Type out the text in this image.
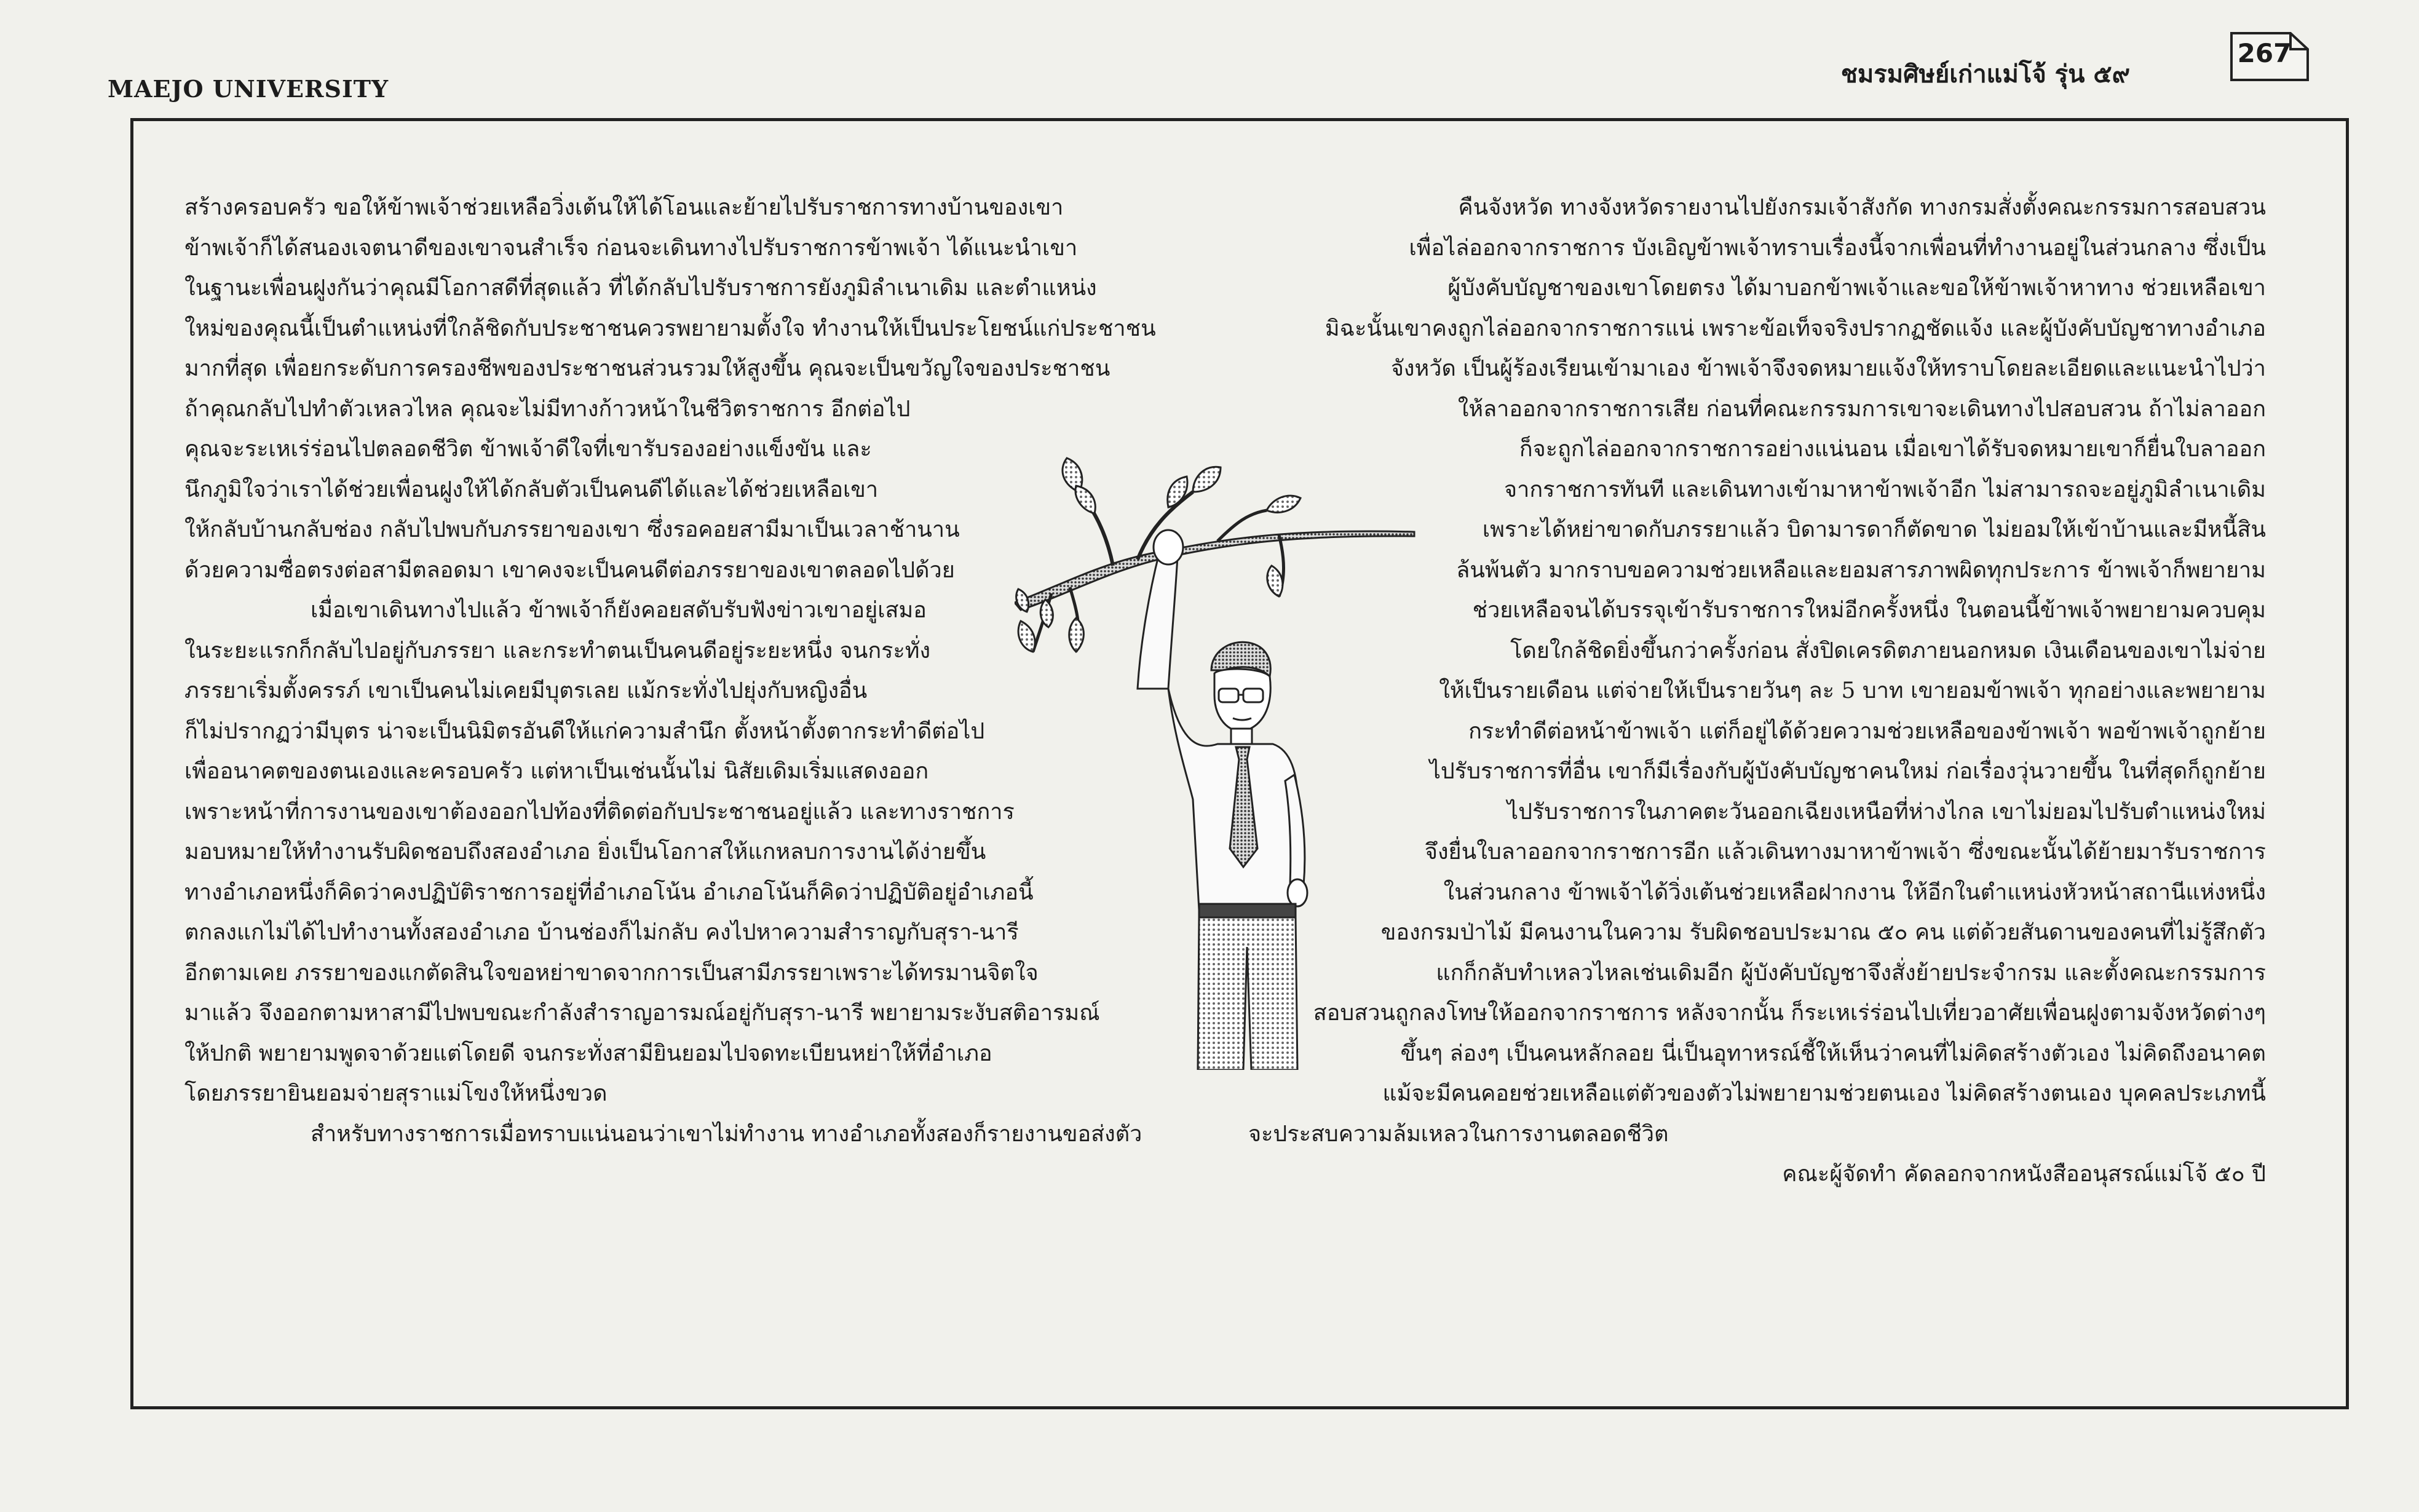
MAEJO UNIVERSITY
ชมรมศิษย์เก่าแม่โจ้ รุ่น ๕๙
267

สร้างครอบครัว ขอให้ข้าพเจ้าช่วยเหลือวิ่งเต้นให้ได้โอนและย้ายไปรับราชการทางบ้านของเขา

ข้าพเจ้าก็ได้สนองเจตนาดีของเขาจนสำเร็จ ก่อนจะเดินทางไปรับราชการข้าพเจ้า ได้แนะนำเขา

ในฐานะเพื่อนฝูงกันว่าคุณมีโอกาสดีที่สุดแล้ว ที่ได้กลับไปรับราชการยังภูมิลำเนาเดิม และตำแหน่ง

ใหม่ของคุณนี้เป็นตำแหน่งที่ใกล้ชิดกับประชาชนควรพยายามตั้งใจ ทำงานให้เป็นประโยชน์แก่ประชาชน

มากที่สุด เพื่อยกระดับการครองชีพของประชาชนส่วนรวมให้สูงขึ้น คุณจะเป็นขวัญใจของประชาชน

ถ้าคุณกลับไปทำตัวเหลวไหล คุณจะไม่มีทางก้าวหน้าในชีวิตราชการ อีกต่อไป

คุณจะระเหเร่ร่อนไปตลอดชีวิต ข้าพเจ้าดีใจที่เขารับรองอย่างแข็งขัน และ

นึกภูมิใจว่าเราได้ช่วยเพื่อนฝูงให้ได้กลับตัวเป็นคนดีได้และได้ช่วยเหลือเขา

ให้กลับบ้านกลับช่อง กลับไปพบกับภรรยาของเขา ซึ่งรอคอยสามีมาเป็นเวลาช้านาน

ด้วยความซื่อตรงต่อสามีตลอดมา เขาคงจะเป็นคนดีต่อภรรยาของเขาตลอดไปด้วย

เมื่อเขาเดินทางไปแล้ว ข้าพเจ้าก็ยังคอยสดับรับฟังข่าวเขาอยู่เสมอ

ในระยะแรกก็กลับไปอยู่กับภรรยา และกระทำตนเป็นคนดีอยู่ระยะหนึ่ง จนกระทั่ง

ภรรยาเริ่มตั้งครรภ์ เขาเป็นคนไม่เคยมีบุตรเลย แม้กระทั่งไปยุ่งกับหญิงอื่น

ก็ไม่ปรากฏว่ามีบุตร น่าจะเป็นนิมิตรอันดีให้แก่ความสำนึก ตั้งหน้าตั้งตากระทำดีต่อไป

เพื่ออนาคตของตนเองและครอบครัว แต่หาเป็นเช่นนั้นไม่ นิสัยเดิมเริ่มแสดงออก

เพราะหน้าที่การงานของเขาต้องออกไปท้องที่ติดต่อกับประชาชนอยู่แล้ว และทางราชการ

มอบหมายให้ทำงานรับผิดชอบถึงสองอำเภอ ยิ่งเป็นโอกาสให้แกหลบการงานได้ง่ายขึ้น

ทางอำเภอหนึ่งก็คิดว่าคงปฏิบัติราชการอยู่ที่อำเภอโน้น อำเภอโน้นก็คิดว่าปฏิบัติอยู่อำเภอนี้

ตกลงแกไม่ได้ไปทำงานทั้งสองอำเภอ บ้านช่องก็ไม่กลับ คงไปหาความสำราญกับสุรา-นารี

อีกตามเคย ภรรยาของแกตัดสินใจขอหย่าขาดจากการเป็นสามีภรรยาเพราะได้ทรมานจิตใจ

มาแล้ว จึงออกตามหาสามีไปพบขณะกำลังสำราญอารมณ์อยู่กับสุรา-นารี พยายามระงับสติอารมณ์

ให้ปกติ พยายามพูดจาด้วยแต่โดยดี จนกระทั่งสามียินยอมไปจดทะเบียนหย่าให้ที่อำเภอ

โดยภรรยายินยอมจ่ายสุราแม่โขงให้หนึ่งขวด

สำหรับทางราชการเมื่อทราบแน่นอนว่าเขาไม่ทำงาน ทางอำเภอทั้งสองก็รายงานขอส่งตัว

คืนจังหวัด ทางจังหวัดรายงานไปยังกรมเจ้าสังกัด ทางกรมสั่งตั้งคณะกรรมการสอบสวน

เพื่อไล่ออกจากราชการ บังเอิญข้าพเจ้าทราบเรื่องนี้จากเพื่อนที่ทำงานอยู่ในส่วนกลาง ซึ่งเป็น

ผู้บังคับบัญชาของเขาโดยตรง ได้มาบอกข้าพเจ้าและขอให้ข้าพเจ้าหาทาง ช่วยเหลือเขา

มิฉะนั้นเขาคงถูกไล่ออกจากราชการแน่ เพราะข้อเท็จจริงปรากฏชัดแจ้ง และผู้บังคับบัญชาทางอำเภอ

จังหวัด เป็นผู้ร้องเรียนเข้ามาเอง ข้าพเจ้าจึงจดหมายแจ้งให้ทราบโดยละเอียดและแนะนำไปว่า

ให้ลาออกจากราชการเสีย ก่อนที่คณะกรรมการเขาจะเดินทางไปสอบสวน ถ้าไม่ลาออก

ก็จะถูกไล่ออกจากราชการอย่างแน่นอน เมื่อเขาได้รับจดหมายเขาก็ยื่นใบลาออก

จากราชการทันที และเดินทางเข้ามาหาข้าพเจ้าอีก ไม่สามารถจะอยู่ภูมิลำเนาเดิม

เพราะได้หย่าขาดกับภรรยาแล้ว บิดามารดาก็ตัดขาด ไม่ยอมให้เข้าบ้านและมีหนี้สิน

ล้นพ้นตัว มากราบขอความช่วยเหลือและยอมสารภาพผิดทุกประการ ข้าพเจ้าก็พยายาม

ช่วยเหลือจนได้บรรจุเข้ารับราชการใหม่อีกครั้งหนึ่ง ในตอนนี้ข้าพเจ้าพยายามควบคุม

โดยใกล้ชิดยิ่งขึ้นกว่าครั้งก่อน สั่งปิดเครดิตภายนอกหมด เงินเดือนของเขาไม่จ่าย

ให้เป็นรายเดือน แต่จ่ายให้เป็นรายวันๆ ละ 5 บาท เขายอมข้าพเจ้า ทุกอย่างและพยายาม

กระทำดีต่อหน้าข้าพเจ้า แต่ก็อยู่ได้ด้วยความช่วยเหลือของข้าพเจ้า พอข้าพเจ้าถูกย้าย

ไปรับราชการที่อื่น เขาก็มีเรื่องกับผู้บังคับบัญชาคนใหม่ ก่อเรื่องวุ่นวายขึ้น ในที่สุดก็ถูกย้าย

ไปรับราชการในภาคตะวันออกเฉียงเหนือที่ห่างไกล เขาไม่ยอมไปรับตำแหน่งใหม่

จึงยื่นใบลาออกจากราชการอีก แล้วเดินทางมาหาข้าพเจ้า ซึ่งขณะนั้นได้ย้ายมารับราชการ

ในส่วนกลาง ข้าพเจ้าได้วิ่งเต้นช่วยเหลือฝากงาน ให้อีกในตำแหน่งหัวหน้าสถานีแห่งหนึ่ง

ของกรมป่าไม้ มีคนงานในความ รับผิดชอบประมาณ ๕๐ คน แต่ด้วยสันดานของคนที่ไม่รู้สึกตัว

แกก็กลับทำเหลวไหลเช่นเดิมอีก ผู้บังคับบัญชาจึงสั่งย้ายประจำกรม และตั้งคณะกรรมการ

สอบสวนถูกลงโทษให้ออกจากราชการ หลังจากนั้น ก็ระเหเร่ร่อนไปเที่ยวอาศัยเพื่อนฝูงตามจังหวัดต่างๆ

ขึ้นๆ ล่องๆ เป็นคนหลักลอย นี่เป็นอุทาหรณ์ชี้ให้เห็นว่าคนที่ไม่คิดสร้างตัวเอง ไม่คิดถึงอนาคต

แม้จะมีคนคอยช่วยเหลือแต่ตัวของตัวไม่พยายามช่วยตนเอง ไม่คิดสร้างตนเอง บุคคลประเภทนี้

จะประสบความล้มเหลวในการงานตลอดชีวิต

คณะผู้จัดทำ คัดลอกจากหนังสืออนุสรณ์แม่โจ้ ๕๐ ปี
